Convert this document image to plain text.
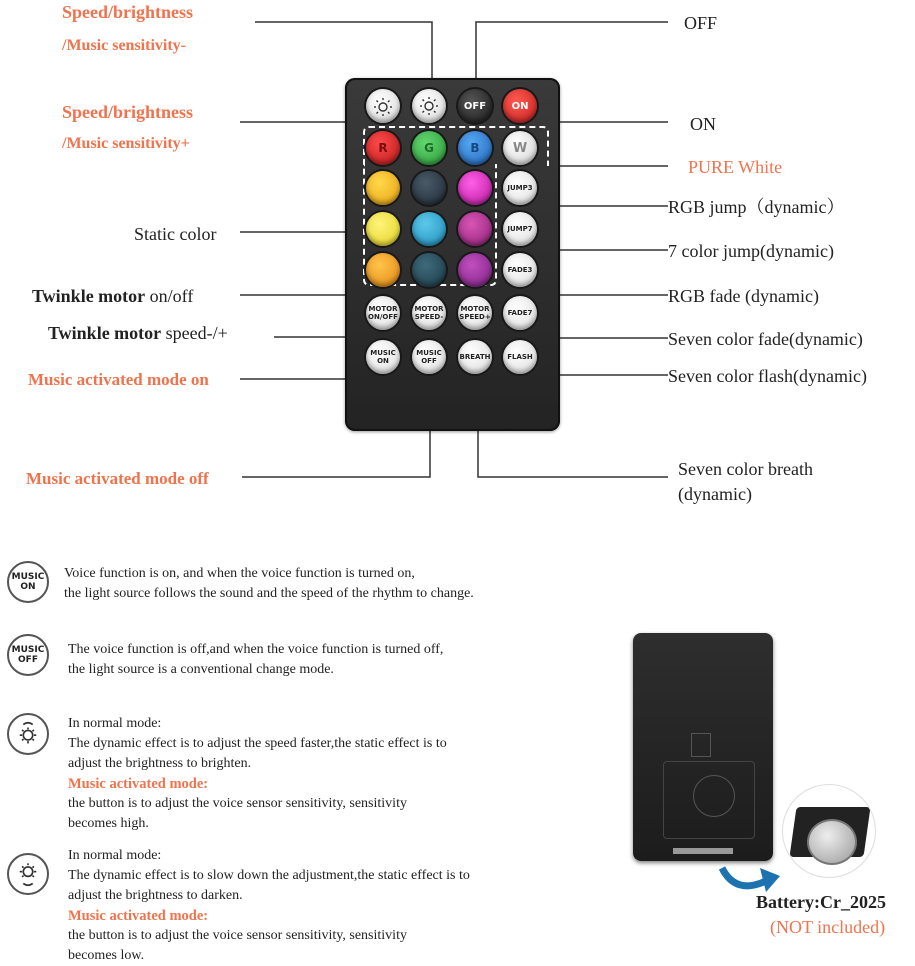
Speed/brightness
/Music sensitivity-
Speed/brightness
/Music sensitivity+
Static color
Twinkle motor on/off
Twinkle motor speed-/+
Music activated mode on
Music activated mode off
OFF
ON
PURE White
RGB jump（dynamic）
7 color jump(dynamic)
RGB fade (dynamic)
Seven color fade(dynamic)
Seven color flash(dynamic)
Seven color breath
(dynamic)
OFF	ON
R	G	B	W
JUMP3
JUMP7
FADE3
MOTOR
ON/OFF
MOTOR
SPEED-
MOTOR
SPEED+	FADE7
MUSIC
ON
MUSIC
OFF	BREATH	FLASH
MUSIC
ON
Voice function is on, and when the voice function is turned on,
the light source follows the sound and the speed of the rhythm to change.
MUSIC
OFF
The voice function is off,and when the voice function is turned off,
the light source is a conventional change mode.
In normal mode:
The dynamic effect is to adjust the speed faster,the static effect is to
adjust the brightness to brighten.
Music activated mode:
the button is to adjust the voice sensor sensitivity, sensitivity
becomes high.
In normal mode:
The dynamic effect is to slow down the adjustment,the static effect is to
adjust the brightness to darken.
Music activated mode:
the button is to adjust the voice sensor sensitivity, sensitivity
becomes low.
Battery:Cr_2025
(NOT included)
